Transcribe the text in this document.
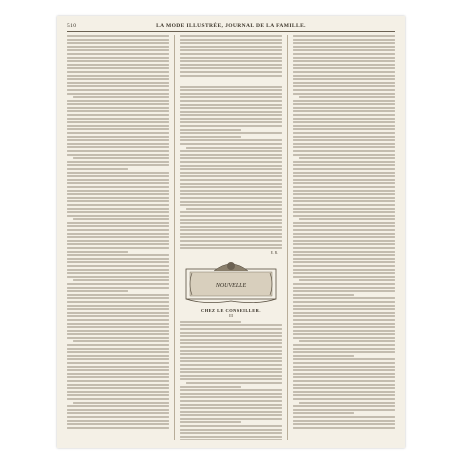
510	LA MODE ILLUSTRÉE, JOURNAL DE LA FAMILLE.
E. R.
NOUVELLE
CHEZ LE CONSEILLER.
III
